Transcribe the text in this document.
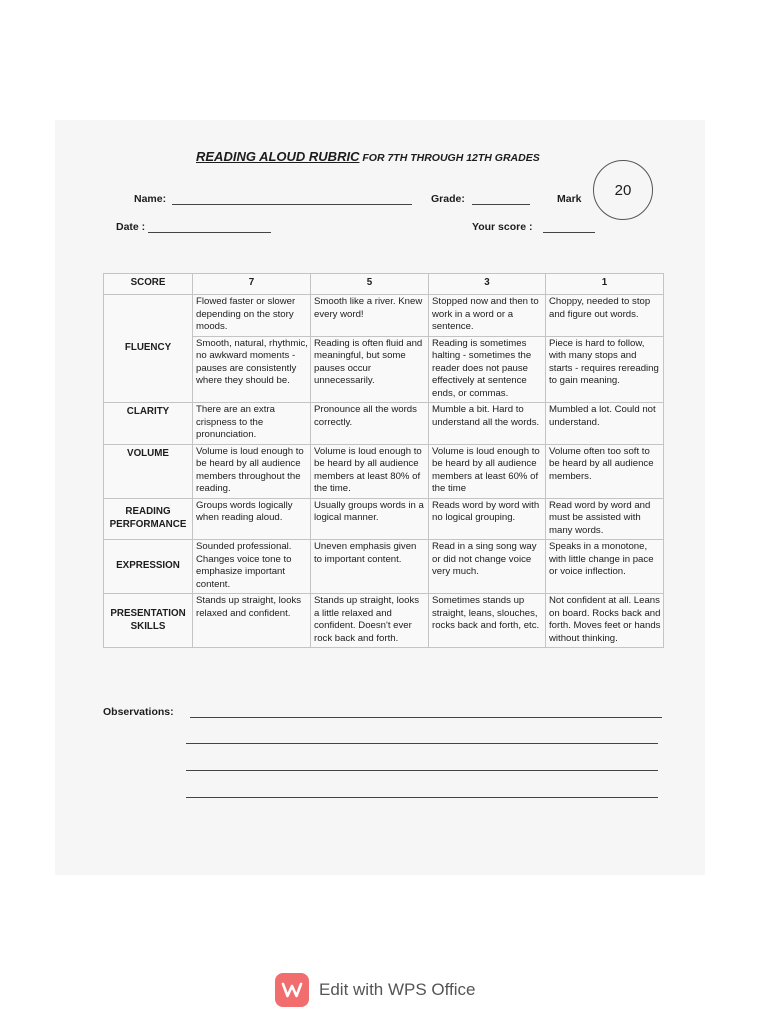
READING ALOUD RUBRIC FOR 7TH THROUGH 12TH GRADES
Name:	Grade:	Mark
20
Date :	Your score :
SCORE	7	5	3	1
FLUENCY	Flowed faster or slower depending on the story moods.	Smooth like a river. Knew every word!	Stopped now and then to work in a word or a sentence.	Choppy, needed to stop and figure out words.
	Smooth, natural, rhythmic, no awkward moments - pauses are consistently where they should be.	Reading is often fluid and meaningful, but some pauses occur unnecessarily.	Reading is sometimes halting - sometimes the reader does not pause effectively at sentence ends, or commas.	Piece is hard to follow, with many stops and starts - requires rereading to gain meaning.
CLARITY	There are an extra crispness to the pronunciation.	Pronounce all the words correctly.	Mumble a bit. Hard to understand all the words.	Mumbled a lot. Could not understand.
VOLUME	Volume is loud enough to be heard by all audience members throughout the reading.	Volume is loud enough to be heard by all audience members at least 80% of the time.	Volume is loud enough to be heard by all audience members at least 60% of the time	Volume often too soft to be heard by all audience members.
READING PERFORMANCE	Groups words logically when reading aloud.	Usually groups words in a logical manner.	Reads word by word with no logical grouping.	Read word by word and must be assisted with many words.
EXPRESSION	Sounded professional. Changes voice tone to emphasize important content.	Uneven emphasis given to important content.	Read in a sing song way or did not change voice very much.	Speaks in a monotone, with little change in pace or voice inflection.
PRESENTATION SKILLS	Stands up straight, looks relaxed and confident.	Stands up straight, looks a little relaxed and confident. Doesn't ever rock back and forth.	Sometimes stands up straight, leans, slouches, rocks back and forth, etc.	Not confident at all. Leans on board. Rocks back and forth. Moves feet or hands without thinking.
Observations:
Edit with WPS Office
